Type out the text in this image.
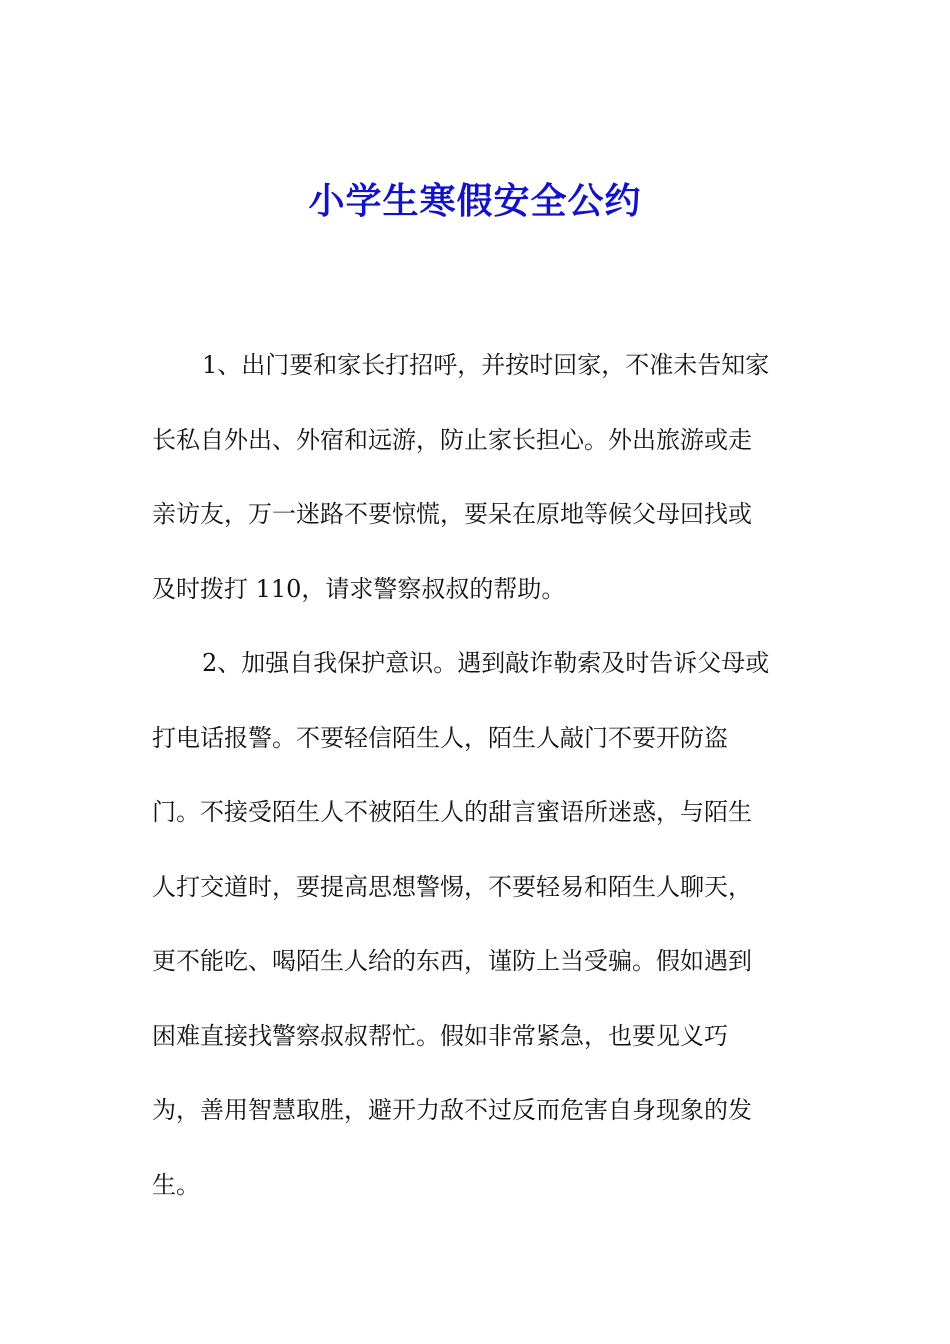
小学生寒假安全公约

1、出门要和家长打招呼，并按时回家，不准未告知家
长私自外出、外宿和远游，防止家长担心。外出旅游或走
亲访友，万一迷路不要惊慌，要呆在原地等候父母回找或
及时拨打 110，请求警察叔叔的帮助。

2、加强自我保护意识。遇到敲诈勒索及时告诉父母或
打电话报警。不要轻信陌生人，陌生人敲门不要开防盗
门。不接受陌生人不被陌生人的甜言蜜语所迷惑，与陌生
人打交道时，要提高思想警惕，不要轻易和陌生人聊天，
更不能吃、喝陌生人给的东西，谨防上当受骗。假如遇到
困难直接找警察叔叔帮忙。假如非常紧急，也要见义巧
为，善用智慧取胜，避开力敌不过反而危害自身现象的发
生。
